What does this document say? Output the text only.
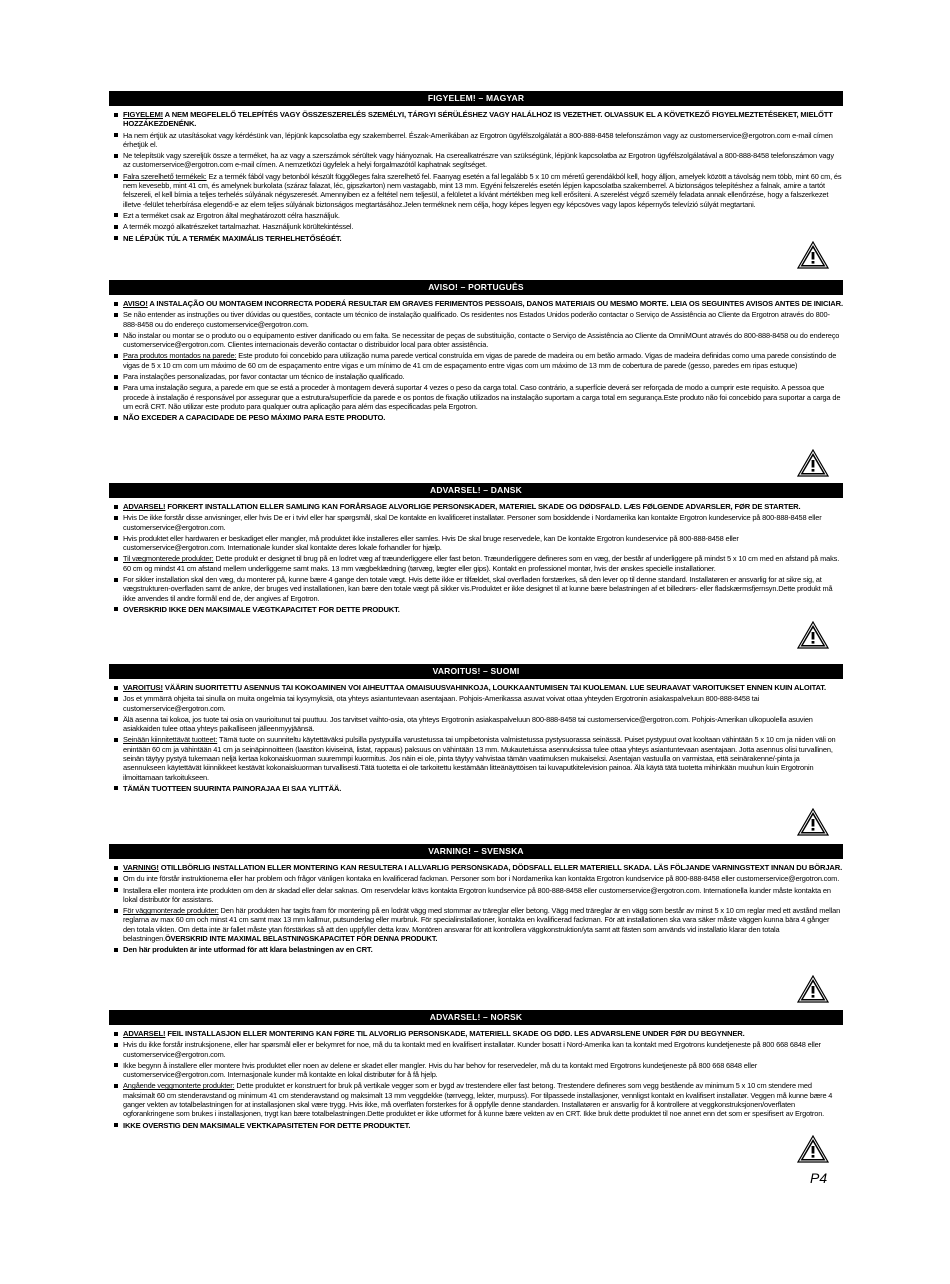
FIGYELEM! – MAGYAR
FIGYELEM! A NEM MEGFELELŐ TELEPÍTÉS VAGY ÖSSZESZERELÉS SZEMÉLYI, TÁRGYI SÉRÜLÉSHEZ VAGY HALÁLHOZ IS VEZETHET. OLVASSUK EL A KÖVETKEZŐ FIGYELMEZTETÉSEKET, MIELŐTT HOZZÁKEZDENÉNK.
Ha nem értjük az utasításokat vagy kérdésünk van, lépjünk kapcsolatba egy szakemberrel. Észak-Amerikában az Ergotron ügyfélszolgálatát a 800-888-8458 telefonszámon vagy az customerservice@ergotron.com e-mail címen érhetjük el.
Ne telepítsük vagy szereljük össze a terméket, ha az vagy a szerszámok sérültek vagy hiányoznak. Ha cserealkatrészre van szükségünk, lépjünk kapcsolatba az Ergotron ügyfélszolgálatával a 800-888-8458 telefonszámon vagy az customerservice@ergotron.com e-mail címen. A nemzetközi ügyfelek a helyi forgalmazótól kaphatnak segítséget.
Falra szerelhető termékek: Ez a termék fából vagy betonból készült függőleges falra szerelhető fel. Faanyag esetén a fal legalább 5 x 10 cm méretű gerendákból kell, hogy álljon, amelyek között a távolság nem több, mint 60 cm, és nem kevesebb, mint 41 cm, és amelynek burkolata (száraz falazat, léc, gipszkarton) nem vastagabb, mint 13 mm. Egyéni felszerelés esetén lépjen kapcsolatba szakemberrel. A biztonságos telepítéshez a falnak, amire a tartót felszereli, el kell bírnia a teljes terhelés súlyának négyszeresét. Amennyiben ez a feltétel nem teljesül, a felületet a kívánt mértékben meg kell erősíteni. A szerelést végző személy feladata annak ellenőrzése, hogy a falszerkezet illetve -felület teherbírása elegendő-e az elem teljes súlyának biztonságos megtartásához.Jelen terméknek nem célja, hogy képes legyen egy képcsöves vagy lapos képernyős televízió súlyát megtartani.
Ezt a terméket csak az Ergotron által meghatározott célra használjuk.
A termék mozgó alkatrészeket tartalmazhat. Használjunk körültekintéssel.
NE LÉPJÜK TÚL A TERMÉK MAXIMÁLIS TERHELHETŐSÉGÉT.
AVISO! – PORTUGUÊS
AVISO! A INSTALAÇÃO OU MONTAGEM INCORRECTA PODERÁ RESULTAR EM GRAVES FERIMENTOS PESSOAIS, DANOS MATERIAIS OU MESMO MORTE. LEIA OS SEGUINTES AVISOS ANTES DE INICIAR.
Se não entender as instruções ou tiver dúvidas ou questões, contacte um técnico de instalação qualificado. Os residentes nos Estados Unidos poderão contactar o Serviço de Assistência ao Cliente da Ergotron através do 800-888-8458 ou do endereço customerservice@ergotron.com.
Não instalar ou montar se o produto ou o equipamento estiver danificado ou em falta. Se necessitar de peças de substituição, contacte o Serviço de Assistência ao Cliente da OmniMOunt através do 800-888-8458 ou do endereço customerservice@ergotron.com. Clientes internacionais deverão contactar o distribuidor local para obter assistência.
Para produtos montados na parede: Este produto foi concebido para utilização numa parede vertical construída em vigas de parede de madeira ou em betão armado. Vigas de madeira definidas como uma parede consistindo de vigas de 5 x 10 cm com um máximo de 60 cm de espaçamento entre vigas e um mínimo de 41 cm de espaçamento entre vigas com um máximo de 13 mm de cobertura de parede (gesso, paredes em ripas estuque)
Para instalações personalizadas, por favor contactar um técnico de instalação qualificado.
Para uma instalação segura, a parede em que se está a proceder à montagem deverá suportar 4 vezes o peso da carga total. Caso contrário, a superfície deverá ser reforçada de modo a cumprir este requisito. A pessoa que procede à instalação é responsável por assegurar que a estrutura/superfície da parede e os pontos de fixação utilizados na instalação suportam a carga total em segurança.Este produto não foi concebido para suportar a carga de um ecrã CRT. Não utilizar este produto para qualquer outra aplicação para além das especificadas pela Ergotron.
NÃO EXCEDER A CAPACIDADE DE PESO MÁXIMO PARA ESTE PRODUTO.
ADVARSEL! – DANSK
ADVARSEL! FORKERT INSTALLATION ELLER SAMLING KAN FORÅRSAGE ALVORLIGE PERSONSKADER, MATERIEL SKADE OG DØDSFALD. LÆS FØLGENDE ADVARSLER, FØR DE STARTER.
Hvis De ikke forstår disse anvisninger, eller hvis De er i tvivl eller har spørgsmål, skal De kontakte en kvalificeret installatør. Personer som bosiddende i Nordamerika kan kontakte Ergotron kundeservice på 800-888-8458 eller customerservice@ergotron.com.
Hvis produktet eller hardwaren er beskadiget eller mangler, må produktet ikke installeres eller samles. Hvis De skal bruge reservedele, kan De kontakte Ergotron kundeservice på 800-888-8458 eller customerservice@ergotron.com. Internationale kunder skal kontakte deres lokale forhandler for hjælp.
Til vægmonterede produkter: Dette produkt er designet til brug på en lodret væg af træunderliggere eller fast beton. Træunderliggere defineres som en væg, der består af underliggere på mindst 5 x 10 cm med en afstand på maks. 60 cm og mindst 41 cm afstand mellem underliggerne samt maks. 13 mm vægbeklædning (tørvæg, lægter eller gips). Kontakt en professionel montør, hvis der ønskes specielle installationer.
For sikker installation skal den væg, du monterer på, kunne bære 4 gange den totale vægt. Hvis dette ikke er tilfældet, skal overfladen forstærkes, så den lever op til denne standard. Installatøren er ansvarlig for at sikre sig, at vægstrukturen-overfladen samt de ankre, der bruges ved installationen, kan bære den totale vægt på sikker vis.Produktet er ikke designet til at kunne bære belastningen af et billedrørs- eller fladskærmsfjernsyn.Dette produkt må ikke anvendes til andre formål end de, der angives af Ergotron.
OVERSKRID IKKE DEN MAKSIMALE VÆGTKAPACITET FOR DETTE PRODUKT.
VAROITUS! – SUOMI
VAROITUS! VÄÄRIN SUORITETTU ASENNUS TAI KOKOAMINEN VOI AIHEUTTAA OMAISUUSVAHINKOJA, LOUKKAANTUMISEN TAI KUOLEMAN. LUE SEURAAVAT VAROITUKSET ENNEN KUIN ALOITAT.
Jos et ymmärrä ohjeita tai sinulla on muita ongelmia tai kysymyksiä, ota yhteys asiantuntevaan asentajaan. Pohjois-Amerikassa asuvat voivat ottaa yhteyden Ergotronin asiakaspalveluun 800-888-8458 tai customerservice@ergotron.com.
Älä asenna tai kokoa, jos tuote tai osia on vaurioitunut tai puuttuu. Jos tarvitset vaihto-osia, ota yhteys Ergotronin asiakaspalveluun 800-888-8458 tai customerservice@ergotron.com. Pohjois-Amerikan ulkopuolella asuvien asiakkaiden tulee ottaa yhteys paikalliseen jälleenmyyjäänsä.
Seinään kiinnitettävät tuotteet: Tämä tuote on suunniteltu käytettäväksi pulsilla pystypuilla varustetussa tai umpibetonista valmistetussa pystysuorassa seinässä. Puiset pystypuut ovat kooltaan vähintään 5 x 10 cm ja niiden väli on enintään 60 cm ja vähintään 41 cm ja seinäpinnoitteen (laastiton kiviseinä, listat, rappaus) paksuus on vähintään 13 mm. Mukautetuissa asennuksissa tulee ottaa yhteys asiantuntevaan asentajaan. Jotta asennus olisi turvallinen, seinän täytyy pystyä tukemaan neljä kertaa kokonaiskuorman suuremmpi kuormitus. Jos näin ei ole, pinta täytyy vahvistaa tämän vaatimuksen mukaiseksi. Asentajan vastuulla on varmistaa, että seinärakenne/-pinta ja asennukseen käytettävät kiinnikkeet kestävät kokonaiskuorman turvallisesti.Tätä tuotetta ei ole tarkoitettu kestämään litteänäyttöisen tai kuvaputkitelevision painoa. Älä käytä tätä tuotetta mihinkään muuhun kuin Ergotronin ilmoittamaan tarkoitukseen.
TÄMÄN TUOTTEEN SUURINTA PAINORAJAA EI SAA YLITTÄÄ.
VARNING! – SVENSKA
VARNING! OTILLBÖRLIG INSTALLATION ELLER MONTERING KAN RESULTERA I ALLVARLIG PERSONSKADA, DÖDSFALL ELLER MATERIELL SKADA. LÄS FÖLJANDE VARNINGSTEXT INNAN DU BÖRJAR.
Om du inte förstår instruktionerna eller har problem och frågor vänligen kontaka en kvalificerad fackman. Personer som bor i Nordamerika kan kontakta Ergotron kundservice på 800-888-8458 eller customerservice@ergotron.com.
Installera eller montera inte produkten om den är skadad eller delar saknas. Om reservdelar krävs kontakta Ergotron kundservice på 800-888-8458 eller customerservice@ergotron.com. Internationella kunder måste kontakta en lokal distributör för assistans.
För väggmonterade produkter: Den här produkten har tagits fram för montering på en lodrät vägg med stommar av träreglar eller betong. Vägg med träreglar är en vägg som består av minst 5 x 10 cm reglar med ett avstånd mellan reglarna av max 60 cm och minst 41 cm samt max 13 mm kallmur, putsunderlag eller murbruk. För specialinstallationer, kontakta en kvalificerad fackman. För att installationen ska vara säker måste väggen kunna bära 4 gånger den totala vikten. Om detta inte är fallet måste ytan förstärkas så att den uppfyller detta krav. Montören ansvarar för att kontrollera väggkonstruktion/yta samt att fästen som används vid installatio klarar den totala belastningen.ÖVERSKRID INTE MAXIMAL BELASTNINGSKAPACITET FÖR DENNA PRODUKT.
Den här produkten är inte utformad för att klara belastningen av en CRT.
ADVARSEL! – NORSK
ADVARSEL! FEIL INSTALLASJON ELLER MONTERING KAN FØRE TIL ALVORLIG PERSONSKADE, MATERIELL SKADE OG DØD. LES ADVARSLENE UNDER FØR DU BEGYNNER.
Hvis du ikke forstår instruksjonene, eller har spørsmål eller er bekymret for noe, må du ta kontakt med en kvalifisert installatør. Kunder bosatt i Nord-Amerika kan ta kontakt med Ergotrons kundetjeneste på 800 668 6848 eller customerservice@ergotron.com.
Ikke begynn å installere eller montere hvis produktet eller noen av delene er skadet eller mangler. Hvis du har behov for reservedeler, må du ta kontakt med Ergotrons kundetjeneste på 800 668 6848 eller customerservice@ergotron.com. Internasjonale kunder må kontakte en lokal distributør for å få hjelp.
Angående veggmonterte produkter: Dette produktet er konstruert for bruk på vertikale vegger som er bygd av trestendere eller fast betong. Trestendere defineres som vegg bestående av minimum 5 x 10 cm stendere med maksimalt 60 cm stenderavstand og minimum 41 cm stenderavstand og maksimalt 13 mm veggdekke (tørrvegg, lekter, murpuss). For tilpassede installasjoner, vennligst kontakt en kvalifisert installatør. Veggen må kunne bære 4 ganger vekten av totalbelastningen for at installasjonen skal være trygg. Hvis ikke, må overflaten forsterkes for å oppfylle denne standarden. Installatøren er ansvarlig for å kontrollere at veggkonstruksjonen/overflaten ogforankringene som brukes i installasjonen, trygt kan bære totalbelastningen.Dette produktet er ikke utformet for å kunne bære vekten av en CRT. Ikke bruk dette produktet til noe annet enn det som er spesifisert av Ergotron.
IKKE OVERSTIG DEN MAKSIMALE VEKTKAPASITETEN FOR DETTE PRODUKTET.
P4
